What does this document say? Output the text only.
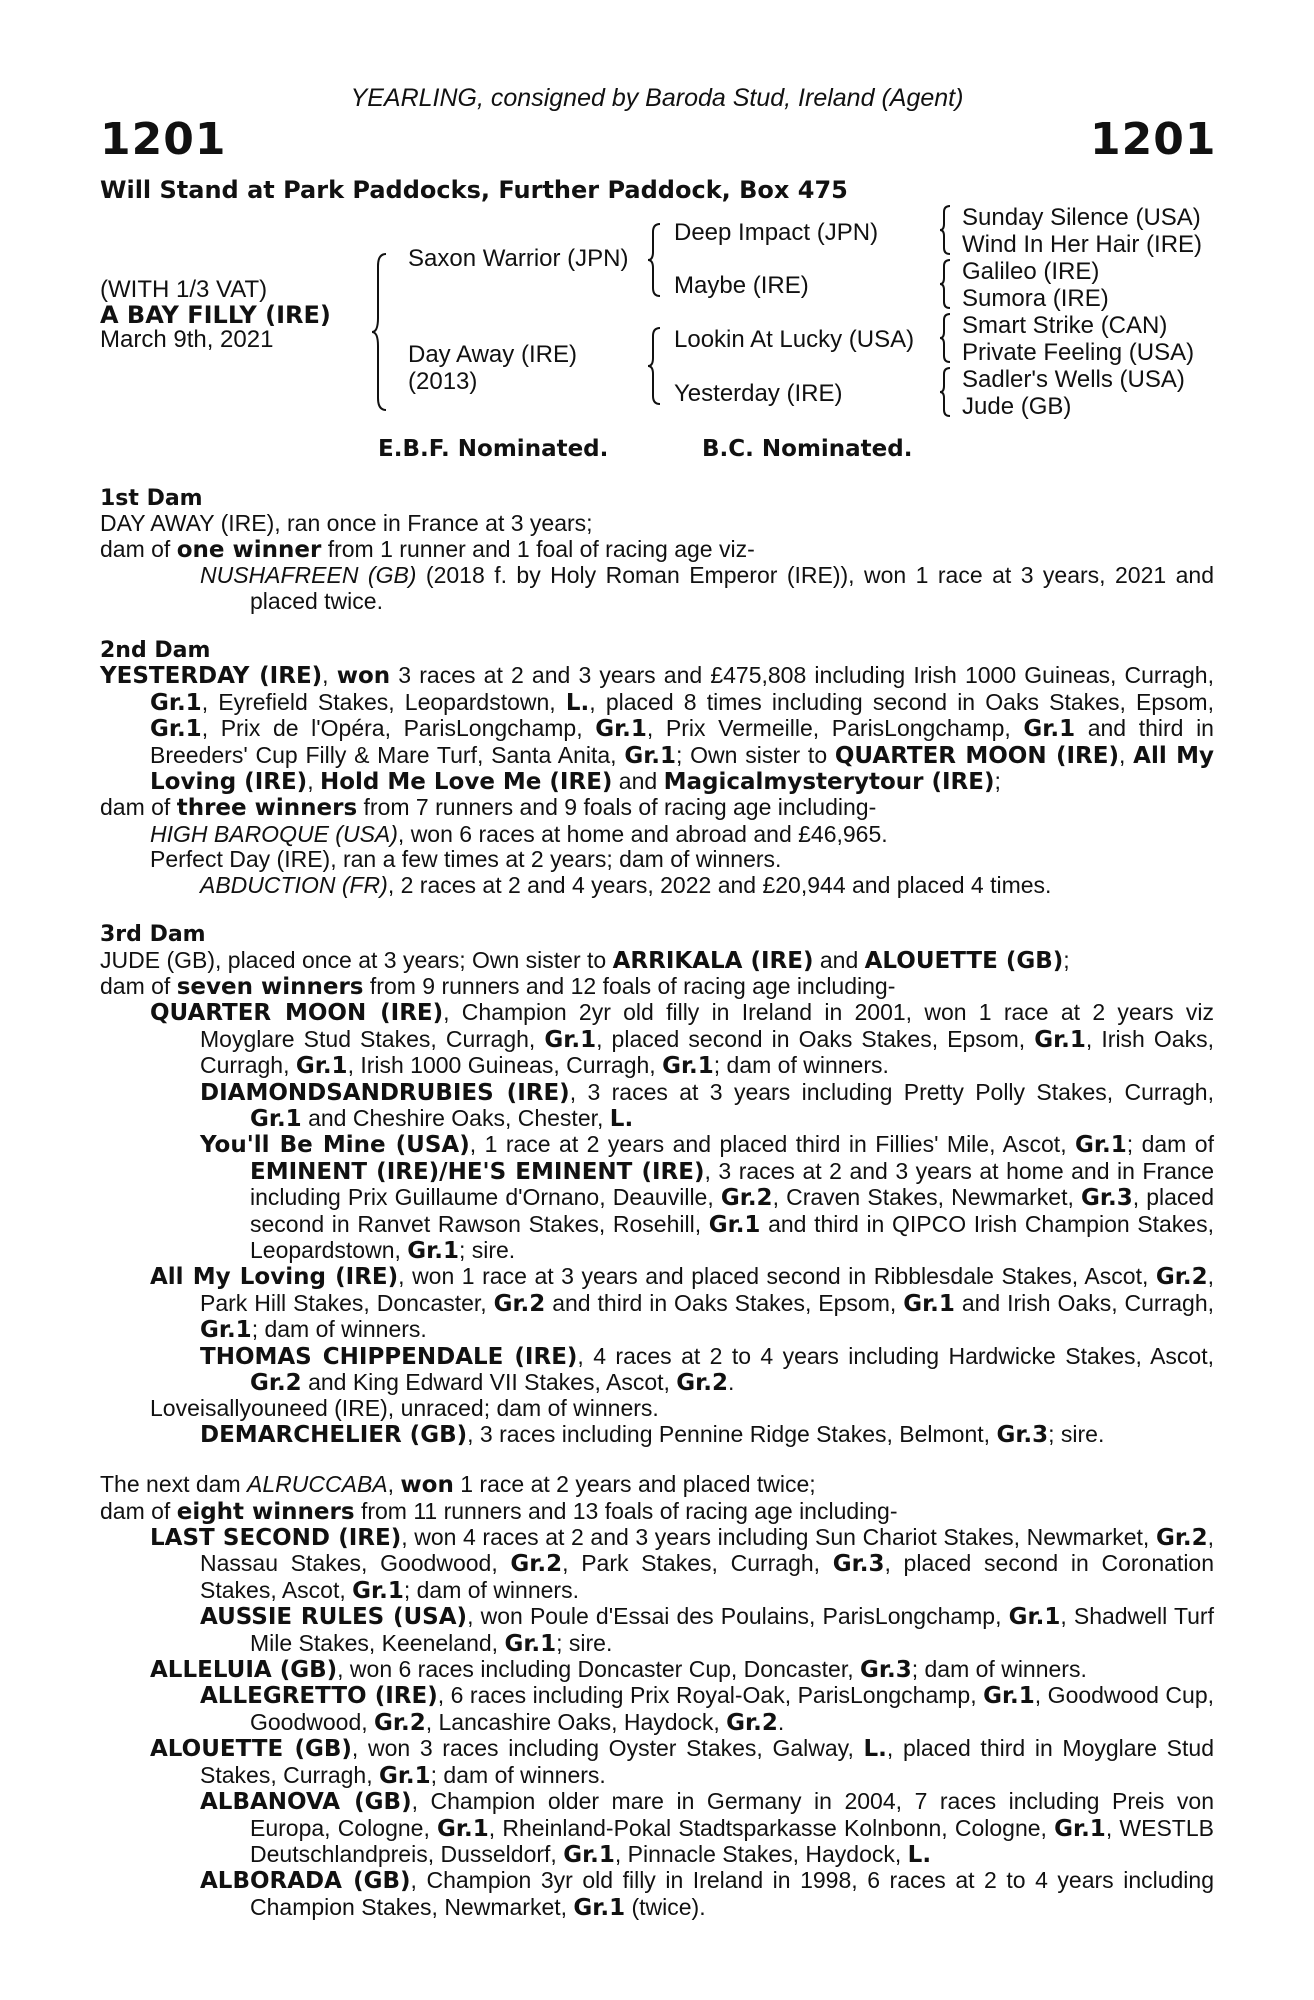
YEARLING, consigned by Baroda Stud, Ireland (Agent)
1201	1201
Will Stand at Park Paddocks, Further Paddock, Box 475
(WITH 1/3 VAT)
A BAY FILLY (IRE)
March 9th, 2021
Saxon Warrior (JPN)
Day Away (IRE)
(2013)
Deep Impact (JPN)
Maybe (IRE)
Lookin At Lucky (USA)
Yesterday (IRE)
Sunday Silence (USA)
Wind In Her Hair (IRE)
Galileo (IRE)
Sumora (IRE)
Smart Strike (CAN)
Private Feeling (USA)
Sadler's Wells (USA)
Jude (GB)
E.B.F. Nominated.	B.C. Nominated.

1st Dam

DAY AWAY (IRE), ran once in France at 3 years;

dam of one winner from 1 runner and 1 foal of racing age viz-

NUSHAFREEN (GB) (2018 f. by Holy Roman Emperor (IRE)), won 1 race at 3 years, 2021 and placed twice.

2nd Dam

YESTERDAY (IRE), won 3 races at 2 and 3 years and £475,808 including Irish 1000 Guineas, Curragh, Gr.1, Eyrefield Stakes, Leopardstown, L., placed 8 times including second in Oaks Stakes, Epsom, Gr.1, Prix de l'Opéra, ParisLongchamp, Gr.1, Prix Vermeille, ParisLongchamp, Gr.1 and third in Breeders' Cup Filly & Mare Turf, Santa Anita, Gr.1; Own sister to QUARTER MOON (IRE), All My Loving (IRE), Hold Me Love Me (IRE) and Magicalmysterytour (IRE);

dam of three winners from 7 runners and 9 foals of racing age including-

HIGH BAROQUE (USA), won 6 races at home and abroad and £46,965.

Perfect Day (IRE), ran a few times at 2 years; dam of winners.

ABDUCTION (FR), 2 races at 2 and 4 years, 2022 and £20,944 and placed 4 times.

3rd Dam

JUDE (GB), placed once at 3 years; Own sister to ARRIKALA (IRE) and ALOUETTE (GB);

dam of seven winners from 9 runners and 12 foals of racing age including-

QUARTER MOON (IRE), Champion 2yr old filly in Ireland in 2001, won 1 race at 2 years viz Moyglare Stud Stakes, Curragh, Gr.1, placed second in Oaks Stakes, Epsom, Gr.1, Irish Oaks, Curragh, Gr.1, Irish 1000 Guineas, Curragh, Gr.1; dam of winners.

DIAMONDSANDRUBIES (IRE), 3 races at 3 years including Pretty Polly Stakes, Curragh, Gr.1 and Cheshire Oaks, Chester, L.

You'll Be Mine (USA), 1 race at 2 years and placed third in Fillies' Mile, Ascot, Gr.1; dam of EMINENT (IRE)/HE'S EMINENT (IRE), 3 races at 2 and 3 years at home and in France including Prix Guillaume d'Ornano, Deauville, Gr.2, Craven Stakes, Newmarket, Gr.3, placed second in Ranvet Rawson Stakes, Rosehill, Gr.1 and third in QIPCO Irish Champion Stakes, Leopardstown, Gr.1; sire.

All My Loving (IRE), won 1 race at 3 years and placed second in Ribblesdale Stakes, Ascot, Gr.2, Park Hill Stakes, Doncaster, Gr.2 and third in Oaks Stakes, Epsom, Gr.1 and Irish Oaks, Curragh, Gr.1; dam of winners.

THOMAS CHIPPENDALE (IRE), 4 races at 2 to 4 years including Hardwicke Stakes, Ascot, Gr.2 and King Edward VII Stakes, Ascot, Gr.2.

Loveisallyouneed (IRE), unraced; dam of winners.

DEMARCHELIER (GB), 3 races including Pennine Ridge Stakes, Belmont, Gr.3; sire.

The next dam ALRUCCABA, won 1 race at 2 years and placed twice;

dam of eight winners from 11 runners and 13 foals of racing age including-

LAST SECOND (IRE), won 4 races at 2 and 3 years including Sun Chariot Stakes, Newmarket, Gr.2, Nassau Stakes, Goodwood, Gr.2, Park Stakes, Curragh, Gr.3, placed second in Coronation Stakes, Ascot, Gr.1; dam of winners.

AUSSIE RULES (USA), won Poule d'Essai des Poulains, ParisLongchamp, Gr.1, Shadwell Turf Mile Stakes, Keeneland, Gr.1; sire.

ALLELUIA (GB), won 6 races including Doncaster Cup, Doncaster, Gr.3; dam of winners.

ALLEGRETTO (IRE), 6 races including Prix Royal-Oak, ParisLongchamp, Gr.1, Goodwood Cup, Goodwood, Gr.2, Lancashire Oaks, Haydock, Gr.2.

ALOUETTE (GB), won 3 races including Oyster Stakes, Galway, L., placed third in Moyglare Stud Stakes, Curragh, Gr.1; dam of winners.

ALBANOVA (GB), Champion older mare in Germany in 2004, 7 races including Preis von Europa, Cologne, Gr.1, Rheinland-Pokal Stadtsparkasse Kolnbonn, Cologne, Gr.1, WESTLB Deutschlandpreis, Dusseldorf, Gr.1, Pinnacle Stakes, Haydock, L.

ALBORADA (GB), Champion 3yr old filly in Ireland in 1998, 6 races at 2 to 4 years including Champion Stakes, Newmarket, Gr.1 (twice).
